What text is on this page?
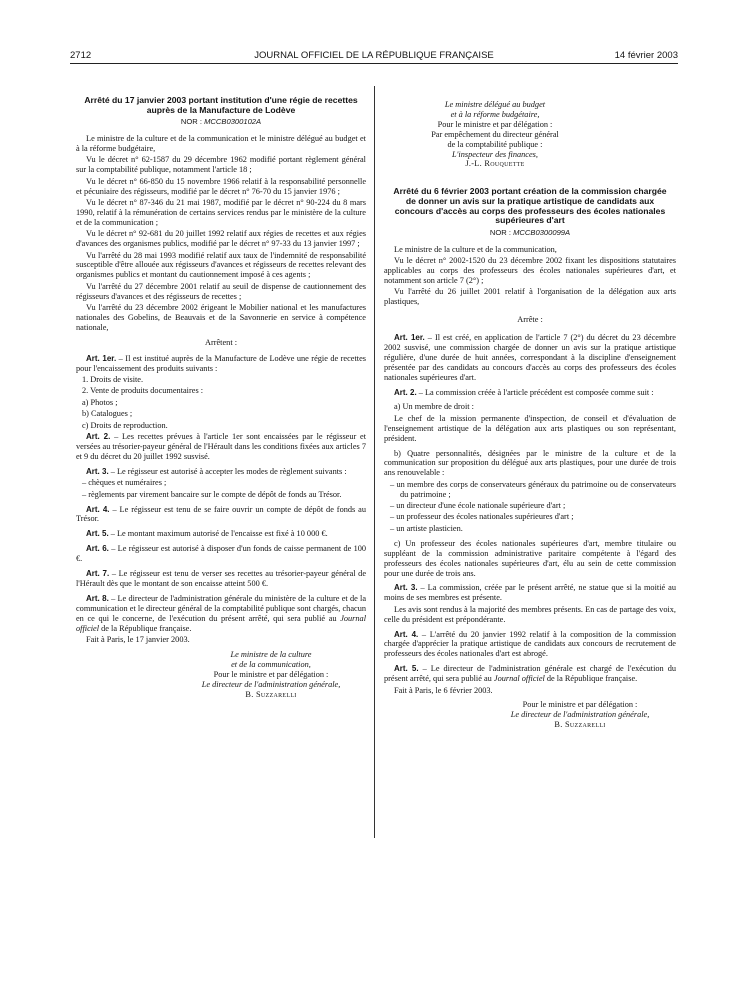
2712	JOURNAL OFFICIEL DE LA RÉPUBLIQUE FRANÇAISE	14 février 2003
Arrêté du 17 janvier 2003 portant institution d'une régie de recettes auprès de la Manufacture de Lodève
NOR : MCCB0300102A

Le ministre de la culture et de la communication et le ministre délégué au budget et à la réforme budgétaire,

Vu le décret n° 62-1587 du 29 décembre 1962 modifié portant règlement général sur la comptabilité publique, notamment l'article 18 ;

Vu le décret n° 66-850 du 15 novembre 1966 relatif à la responsabilité personnelle et pécuniaire des régisseurs, modifié par le décret n° 76-70 du 15 janvier 1976 ;

Vu le décret n° 87-346 du 21 mai 1987, modifié par le décret n° 90-224 du 8 mars 1990, relatif à la rémunération de certains services rendus par le ministère de la culture et de la communication ;

Vu le décret n° 92-681 du 20 juillet 1992 relatif aux régies de recettes et aux régies d'avances des organismes publics, modifié par le décret n° 97-33 du 13 janvier 1997 ;

Vu l'arrêté du 28 mai 1993 modifié relatif aux taux de l'indemnité de responsabilité susceptible d'être allouée aux régisseurs d'avances et régisseurs de recettes relevant des organismes publics et montant du cautionnement imposé à ces agents ;

Vu l'arrêté du 27 décembre 2001 relatif au seuil de dispense de cautionnement des régisseurs d'avances et des régisseurs de recettes ;

Vu l'arrêté du 23 décembre 2002 érigeant le Mobilier national et les manufactures nationales des Gobelins, de Beauvais et de la Savonnerie en service à compétence nationale,

Arrêtent :

Art. 1er. – Il est institué auprès de la Manufacture de Lodève une régie de recettes pour l'encaissement des produits suivants :

1. Droits de visite.

2. Vente de produits documentaires :

a) Photos ;

b) Catalogues ;

c) Droits de reproduction.

Art. 2. – Les recettes prévues à l'article 1er sont encaissées par le régisseur et versées au trésorier-payeur général de l'Hérault dans les conditions fixées aux articles 7 et 9 du décret du 20 juillet 1992 susvisé.

Art. 3. – Le régisseur est autorisé à accepter les modes de règlement suivants :

– chèques et numéraires ;

– règlements par virement bancaire sur le compte de dépôt de fonds au Trésor.

Art. 4. – Le régisseur est tenu de se faire ouvrir un compte de dépôt de fonds au Trésor.

Art. 5. – Le montant maximum autorisé de l'encaisse est fixé à 10 000 €.

Art. 6. – Le régisseur est autorisé à disposer d'un fonds de caisse permanent de 100 €.

Art. 7. – Le régisseur est tenu de verser ses recettes au trésorier-payeur général de l'Hérault dès que le montant de son encaisse atteint 500 €.

Art. 8. – Le directeur de l'administration générale du ministère de la culture et de la communication et le directeur général de la comptabilité publique sont chargés, chacun en ce qui le concerne, de l'exécution du présent arrêté, qui sera publié au Journal officiel de la République française.

Fait à Paris, le 17 janvier 2003.

Le ministre de la culture

et de la communication,

Pour le ministre et par délégation :

Le directeur de l'administration générale,

B. Suzzarelli

Le ministre délégué au budget

et à la réforme budgétaire,

Pour le ministre et par délégation :

Par empêchement du directeur général

de la comptabilité publique :

L'inspecteur des finances,

J.-L. Rouquette

Arrêté du 6 février 2003 portant création de la commission chargée de donner un avis sur la pratique artistique de candidats aux concours d'accès au corps des professeurs des écoles nationales supérieures d'art
NOR : MCCB0300099A

Le ministre de la culture et de la communication,

Vu le décret n° 2002-1520 du 23 décembre 2002 fixant les dispositions statutaires applicables au corps des professeurs des écoles nationales supérieures d'art, et notamment son article 7 (2°) ;

Vu l'arrêté du 26 juillet 2001 relatif à l'organisation de la délégation aux arts plastiques,

Arrête :

Art. 1er. – Il est créé, en application de l'article 7 (2°) du décret du 23 décembre 2002 susvisé, une commission chargée de donner un avis sur la pratique artistique régulière, d'une durée de huit années, correspondant à la discipline d'enseignement présentée par des candidats au concours d'accès au corps des professeurs des écoles nationales supérieures d'art.

Art. 2. – La commission créée à l'article précédent est composée comme suit :

a) Un membre de droit :

Le chef de la mission permanente d'inspection, de conseil et d'évaluation de l'enseignement artistique de la délégation aux arts plastiques ou son représentant, président.

b) Quatre personnalités, désignées par le ministre de la culture et de la communication sur proposition du délégué aux arts plastiques, pour une durée de trois ans renouvelable :

– un membre des corps de conservateurs généraux du patrimoine ou de conservateurs du patrimoine ;

– un directeur d'une école nationale supérieure d'art ;

– un professeur des écoles nationales supérieures d'art ;

– un artiste plasticien.

c) Un professeur des écoles nationales supérieures d'art, membre titulaire ou suppléant de la commission administrative paritaire compétente à l'égard des professeurs des écoles nationales supérieures d'art, élu au sein de cette commission pour une durée de trois ans.

Art. 3. – La commission, créée par le présent arrêté, ne statue que si la moitié au moins de ses membres est présente.

Les avis sont rendus à la majorité des membres présents. En cas de partage des voix, celle du président est prépondérante.

Art. 4. – L'arrêté du 20 janvier 1992 relatif à la composition de la commission chargée d'apprécier la pratique artistique de candidats aux concours de recrutement de professeurs des écoles nationales d'art est abrogé.

Art. 5. – Le directeur de l'administration générale est chargé de l'exécution du présent arrêté, qui sera publié au Journal officiel de la République française.

Fait à Paris, le 6 février 2003.

Pour le ministre et par délégation :

Le directeur de l'administration générale,

B. Suzzarelli
